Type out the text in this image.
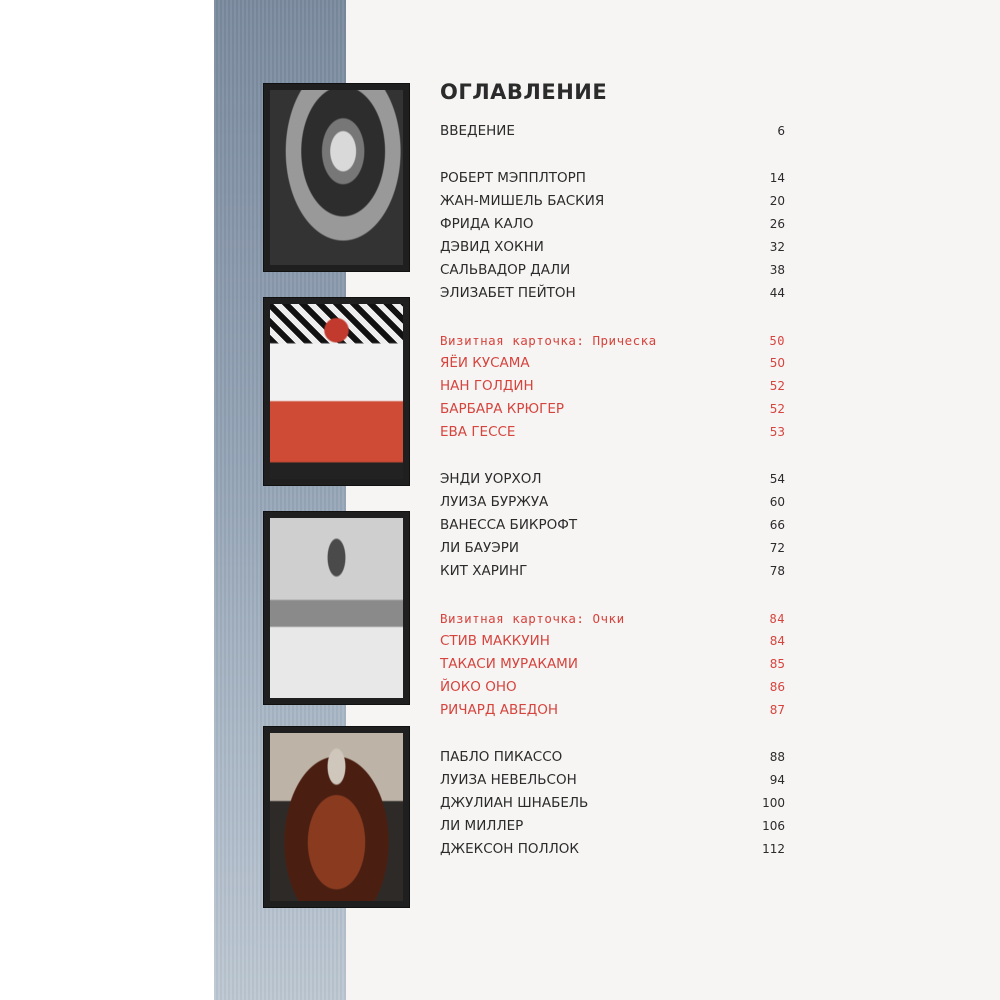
ОГЛАВЛЕНИЕ
ВВЕДЕНИЕ	6
РОБЕРТ МЭППЛТОРП	14
ЖАН-МИШЕЛЬ БАСКИЯ	20
ФРИДА КАЛО	26
ДЭВИД ХОКНИ	32
САЛЬВАДОР ДАЛИ	38
ЭЛИЗАБЕТ ПЕЙТОН	44
Визитная карточка: Прическа	50
ЯЁИ КУСАМА	50
НАН ГОЛДИН	52
БАРБАРА КРЮГЕР	52
ЕВА ГЕССЕ	53
ЭНДИ УОРХОЛ	54
ЛУИЗА БУРЖУА	60
ВАНЕССА БИКРОФТ	66
ЛИ БАУЭРИ	72
КИТ ХАРИНГ	78
Визитная карточка: Очки	84
СТИВ МАККУИН	84
ТАКАСИ МУРАКАМИ	85
ЙОКО ОНО	86
РИЧАРД АВЕДОН	87
ПАБЛО ПИКАССО	88
ЛУИЗА НЕВЕЛЬСОН	94
ДЖУЛИАН ШНАБЕЛЬ	100
ЛИ МИЛЛЕР	106
ДЖЕКСОН ПОЛЛОК	112
